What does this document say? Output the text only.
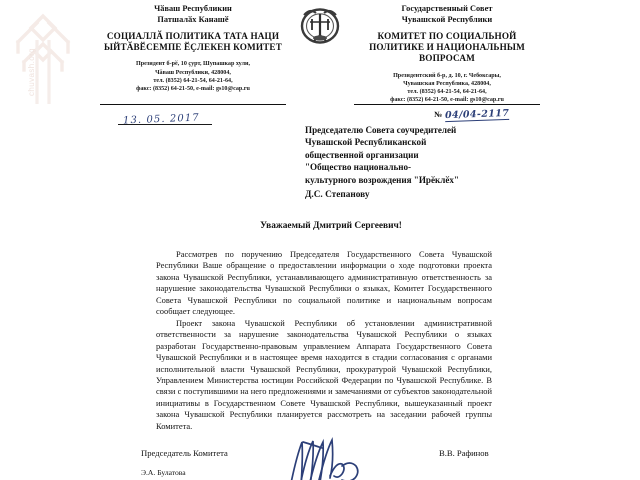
chuvash.org
Чӑваш Республикин
Патшалӑх Канашӗ
СОЦИАЛЛӐ ПОЛИТИКА ТАТА НАЦИ ЫЙТӐВӖСЕМПЕ ӖҪЛЕКЕН КОМИТЕТ
Президент б-рӗ, 10 ҫурт, Шупашкар хули,
Чӑваш Республики, 428004,
тел. (8352) 64-21-54, 64-21-64,
факс: (8352) 64-21-50, e-mail: gs10@cap.ru
Государственный Совет
Чувашской Республики
КОМИТЕТ ПО СОЦИАЛЬНОЙ ПОЛИТИКЕ И НАЦИОНАЛЬНЫМ ВОПРОСАМ
Президентский б-р, д. 10, г. Чебоксары,
Чувашская Республика, 428004,
тел. (8352) 64-21-54, 64-21-64,
факс: (8352) 64-21-50, e-mail: gs10@cap.ru
13. 05. 2017	№ 04/04-2117
Председателю Совета соучредителей
Чувашской Республиканской
общественной организации
"Общество национально-
культурного возрождения "Ирӗклӗх"
Д.С. Степанову
Уважаемый Дмитрий Сергеевич!

Рассмотрев по поручению Председателя Государственного Совета Чувашской Республики Ваше обращение о предоставлении информации о ходе подготовки проекта закона Чувашской Республики, устанавливающего административную ответственность за нарушение законодательства Чувашской Республики о языках, Комитет Государственного Совета Чувашской Республики по социальной политике и национальным вопросам сообщает следующее.

Проект закона Чувашской Республики об установлении административной ответственности за нарушение законодательства Чувашской Республики о языках разработан Государственно-правовым управлением Аппарата Государственного Совета Чувашской Республики и в настоящее время находится в стадии согласования с органами исполнительной власти Чувашской Республики, прокуратурой Чувашской Республики, Управлением Министерства юстиции Российской Федерации по Чувашской Республике. В связи с поступившими на него предложениями и замечаниями от субъектов законодательной инициативы в Государственном Совете Чувашской Республики, вышеуказанный проект закона Чувашской Республики планируется рассмотреть на заседании рабочей группы Комитета.

Председатель Комитета	В.В. Рафинов
Э.А. Булатова
